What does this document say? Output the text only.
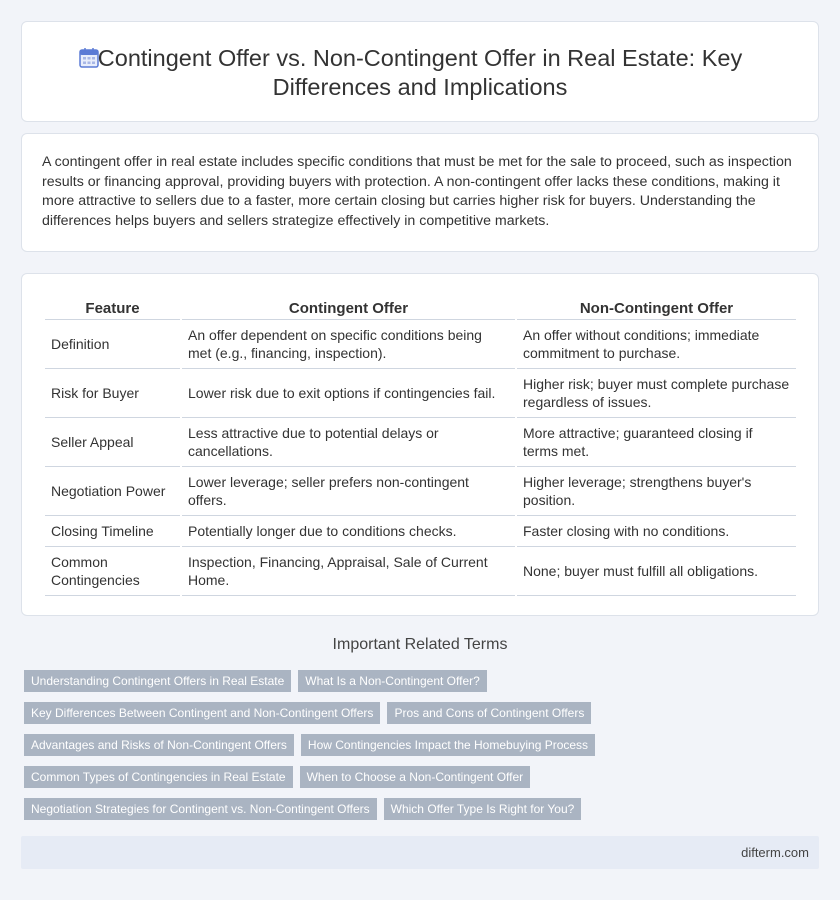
Contingent Offer vs. Non-Contingent Offer in Real Estate: Key Differences and Implications

A contingent offer in real estate includes specific conditions that must be met for the sale to proceed, such as inspection results or financing approval, providing buyers with protection. A non-contingent offer lacks these conditions, making it more attractive to sellers due to a faster, more certain closing but carries higher risk for buyers. Understanding the differences helps buyers and sellers strategize effectively in competitive markets.

Feature	Contingent Offer	Non-Contingent Offer
Definition	An offer dependent on specific conditions being met (e.g., financing, inspection).	An offer without conditions; immediate commitment to purchase.
Risk for Buyer	Lower risk due to exit options if contingencies fail.	Higher risk; buyer must complete purchase regardless of issues.
Seller Appeal	Less attractive due to potential delays or cancellations.	More attractive; guaranteed closing if terms met.
Negotiation Power	Lower leverage; seller prefers non-contingent offers.	Higher leverage; strengthens buyer's position.
Closing Timeline	Potentially longer due to conditions checks.	Faster closing with no conditions.
Common Contingencies	Inspection, Financing, Appraisal, Sale of Current Home.	None; buyer must fulfill all obligations.
Important Related Terms
Understanding Contingent Offers in Real Estate	What Is a Non-Contingent Offer?
Key Differences Between Contingent and Non-Contingent Offers	Pros and Cons of Contingent Offers
Advantages and Risks of Non-Contingent Offers	How Contingencies Impact the Homebuying Process
Common Types of Contingencies in Real Estate	When to Choose a Non-Contingent Offer
Negotiation Strategies for Contingent vs. Non-Contingent Offers	Which Offer Type Is Right for You?
difterm.com
